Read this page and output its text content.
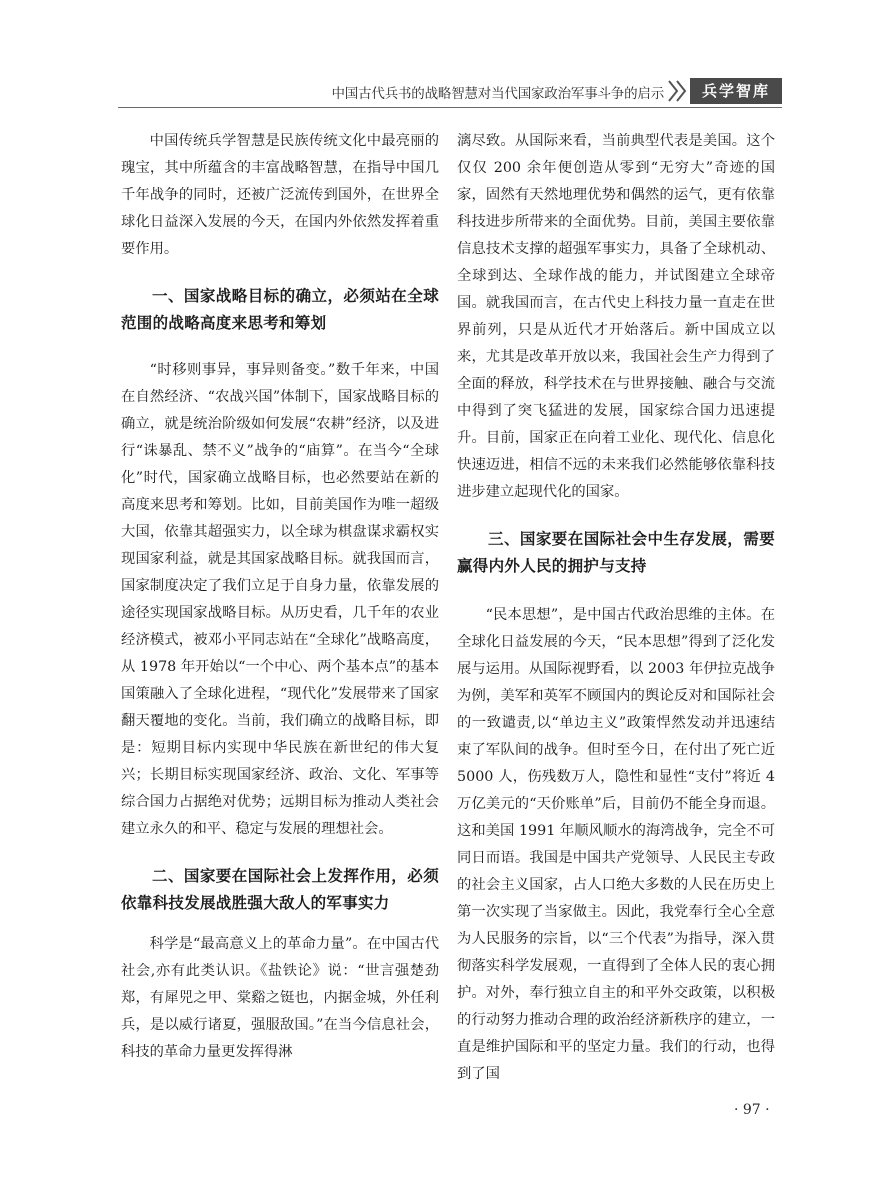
中国古代兵书的战略智慧对当代国家政治军事斗争的启示	兵学智库

中国传统兵学智慧是民族传统文化中最亮丽的瑰宝，其中所蕴含的丰富战略智慧，在指导中国几千年战争的同时，还被广泛流传到国外，在世界全球化日益深入发展的今天，在国内外依然发挥着重要作用。

一、国家战略目标的确立，必须站在全球范围的战略高度来思考和筹划

“时移则事异，事异则备变。”数千年来，中国在自然经济、“农战兴国”体制下，国家战略目标的确立，就是统治阶级如何发展“农耕”经济，以及进行“诛暴乱、禁不义”战争的“庙算”。在当今“全球化”时代，国家确立战略目标，也必然要站在新的高度来思考和筹划。比如，目前美国作为唯一超级大国，依靠其超强实力，以全球为棋盘谋求霸权实现国家利益，就是其国家战略目标。就我国而言，国家制度决定了我们立足于自身力量，依靠发展的途径实现国家战略目标。从历史看，几千年的农业经济模式，被邓小平同志站在“全球化”战略高度，从 1978 年开始以“一个中心、两个基本点”的基本国策融入了全球化进程，“现代化”发展带来了国家翻天覆地的变化。当前，我们确立的战略目标，即是：短期目标内实现中华民族在新世纪的伟大复兴；长期目标实现国家经济、政治、文化、军事等综合国力占据绝对优势；远期目标为推动人类社会建立永久的和平、稳定与发展的理想社会。

二、国家要在国际社会上发挥作用，必须依靠科技发展战胜强大敌人的军事实力

科学是“最高意义上的革命力量”。在中国古代社会,亦有此类认识。《盐铁论》说：“世言强楚劲郑，有犀兕之甲、棠谿之铤也，内据金城，外任利兵，是以威行诸夏，强服敌国。”在当今信息社会，科技的革命力量更发挥得淋

漓尽致。从国际来看，当前典型代表是美国。这个仅仅 200 余年便创造从零到“无穷大”奇迹的国家，固然有天然地理优势和偶然的运气，更有依靠科技进步所带来的全面优势。目前，美国主要依靠信息技术支撑的超强军事实力，具备了全球机动、全球到达、全球作战的能力，并试图建立全球帝国。就我国而言，在古代史上科技力量一直走在世界前列，只是从近代才开始落后。新中国成立以来，尤其是改革开放以来，我国社会生产力得到了全面的释放，科学技术在与世界接触、融合与交流中得到了突飞猛进的发展，国家综合国力迅速提升。目前，国家正在向着工业化、现代化、信息化快速迈进，相信不远的未来我们必然能够依靠科技进步建立起现代化的国家。

三、国家要在国际社会中生存发展，需要赢得内外人民的拥护与支持

“民本思想”，是中国古代政治思维的主体。在全球化日益发展的今天，“民本思想”得到了泛化发展与运用。从国际视野看，以 2003 年伊拉克战争为例，美军和英军不顾国内的舆论反对和国际社会的一致谴责,以“单边主义”政策悍然发动并迅速结束了军队间的战争。但时至今日，在付出了死亡近 5000 人，伤残数万人，隐性和显性“支付”将近 4 万亿美元的“天价账单”后，目前仍不能全身而退。这和美国 1991 年顺风顺水的海湾战争，完全不可同日而语。我国是中国共产党领导、人民民主专政的社会主义国家，占人口绝大多数的人民在历史上第一次实现了当家做主。因此，我党奉行全心全意为人民服务的宗旨，以“三个代表”为指导，深入贯彻落实科学发展观，一直得到了全体人民的衷心拥护。对外，奉行独立自主的和平外交政策，以积极的行动努力推动合理的政治经济新秩序的建立，一直是维护国际和平的坚定力量。我们的行动，也得到了国

· 97 ·
